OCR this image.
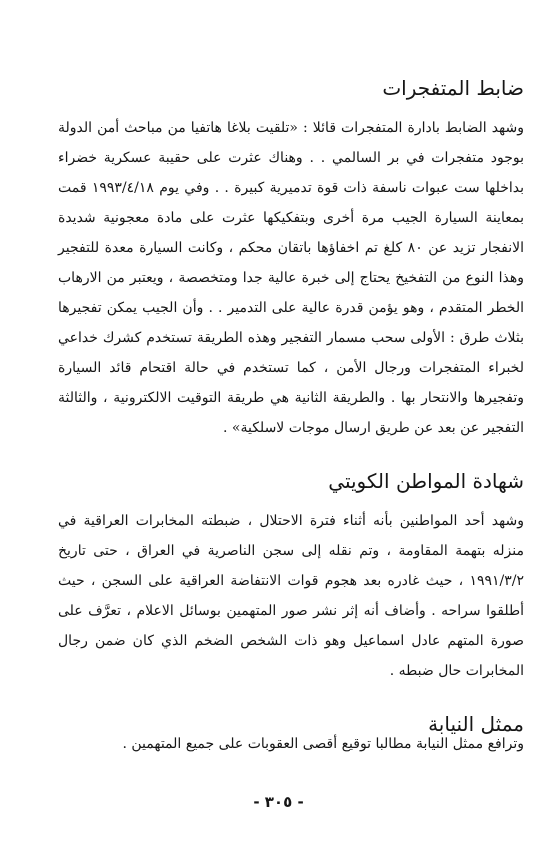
ضابط المتفجرات

وشهد الضابط بادارة المتفجرات قائلا : «تلقيت بلاغا هاتفيا من مباحث أمن الدولة بوجود متفجرات في بر السالمي . . وهناك عثرت على حقيبة عسكرية خضراء بداخلها ست عبوات ناسفة ذات قوة تدميرية كبيرة . . وفي يوم ١٩٩٣/٤/١٨ قمت بمعاينة السيارة الجيب مرة أخرى وبتفكيكها عثرت على مادة معجونية شديدة الانفجار تزيد عن ٨٠ كلغ تم اخفاؤها باتقان محكم ، وكانت السيارة معدة للتفجير وهذا النوع من التفخيخ يحتاج إلى خبرة عالية جدا ومتخصصة ، ويعتبر من الارهاب الخطر المتقدم ، وهو يؤمن قدرة عالية على التدمير . . وأن الجيب يمكن تفجيرها بثلاث طرق : الأولى سحب مسمار التفجير وهذه الطريقة تستخدم كشرك خداعي لخبراء المتفجرات ورجال الأمن ، كما تستخدم في حالة اقتحام قائد السيارة وتفجيرها والانتحار بها . والطريقة الثانية هي طريقة التوقيت الالكترونية ، والثالثة التفجير عن بعد عن طريق ارسال موجات لاسلكية» .

شهادة المواطن الكويتي

وشهد أحد المواطنين بأنه أثناء فترة الاحتلال ، ضبطته المخابرات العراقية في منزله بتهمة المقاومة ، وتم نقله إلى سجن الناصرية في العراق ، حتى تاريخ ١٩٩١/٣/٢ ، حيث غادره بعد هجوم قوات الانتفاضة العراقية على السجن ، حيث أطلقوا سراحه . وأضاف أنه إثر نشر صور المتهمين بوسائل الاعلام ، تعرَّف على صورة المتهم عادل اسماعيل وهو ذات الشخص الضخم الذي كان ضمن رجال المخابرات حال ضبطه .

ممثل النيابة

وترافع ممثل النيابة مطالبا توقيع أقصى العقوبات على جميع المتهمين .

- ٣٠٥ -
